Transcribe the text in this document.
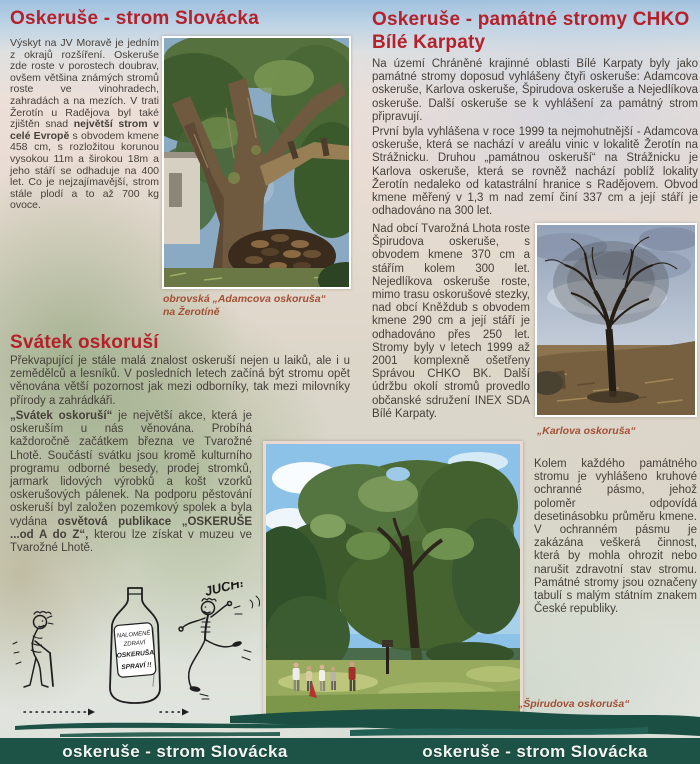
Oskeruše - strom Slovácka

Výskyt na JV Moravě je jedním z okrajů rozšíření. Oskeruše zde roste v porostech doubrav, ovšem většina známých stromů roste ve vinohradech, zahradách a na mezích. V trati Žerotín u Radějova byl také zjištěn snad největší strom v celé Evropě s obvodem kmene 458 cm, s rozložitou korunou vysokou 11m a širokou 18m a jeho stáří se odhaduje na 400 let. Co je nejzajímavější, strom stále plodí a to až 700 kg ovoce.

obrovská „Adamcova oskoruša“
na Žerotíně
Svátek oskoruší

Překvapující je stále malá znalost oskeruší nejen u laiků, ale i u zemědělců a lesníků. V posledních letech začíná být stromu opět věnována větší pozornost jak mezi odborníky, tak mezi milovníky přírody a zahrádkáři.

„Svátek oskoruší“ je největší akce, která je oskeruším u nás věnována. Probíhá každoročně začátkem března ve Tvarožné Lhotě. Součástí svátku jsou kromě kulturního programu odborné besedy, prodej stromků, jarmark lidových výrobků a košt vzorků oskerušových pálenek. Na podporu pěstování oskeruší byl založen pozemkový spolek a byla vydána osvětová publikace „OSKERUŠE ...od A do Z“, kterou lze získat v muzeu ve Tvarožné Lhotě.

NALOMENÉ
ZDRAVÍ
OSKERUŠA
SPRAVÍ !!
JUCH!
Oskeruše - památné stromy CHKO Bílé Karpaty

Na území Chráněné krajinné oblasti Bílé Karpaty byly jako památné stromy doposud vyhlášeny čtyři oskeruše: Adamcova oskeruše, Karlova oskeruše, Špirudova oskeruše a Nejedlíkova oskeruše. Další oskeruše se k vyhlášení za památný strom připravují.

První byla vyhlášena v roce 1999 ta nejmohutnější - Adamcova oskeruše, která se nachází v areálu vinic v lokalitě Žerotín na Strážnicku. Druhou „památnou oskeruší“ na Strážnicku je Karlova oskeruše, která se rovněž nachází poblíž lokality Žerotín nedaleko od katastrální hranice s Radějovem. Obvod kmene měřený v 1,3 m nad zemí činí 337 cm a její stáří je odhadováno na 300 let.

Nad obcí Tvarožná Lhota roste Špirudova oskeruše, s obvodem kmene 370 cm a stářím kolem 300 let. Nejedlíkova oskeruše roste, mimo trasu oskorušové stezky, nad obcí Kněždub s obvodem kmene 290 cm a její stáří je odhadováno přes 250 let. Stromy byly v letech 1999 až 2001 komplexně ošetřeny Správou CHKO BK. Další údržbu okolí stromů provedlo občanské sdružení INEX SDA Bílé Karpaty.

„Karlova oskoruša“

Kolem každého památného stromu je vyhlášeno kruhové ochranné pásmo, jehož poloměr odpovídá desetinásobku průměru kmene. V ochranném pásmu je zakázána veškerá činnost, která by mohla ohrozit nebo narušit zdravotní stav stromu. Památné stromy jsou označeny tabulí s malým státním znakem České republiky.

„Špirudova oskoruša“
oskeruše - strom Slovácka	oskeruše - strom Slovácka
